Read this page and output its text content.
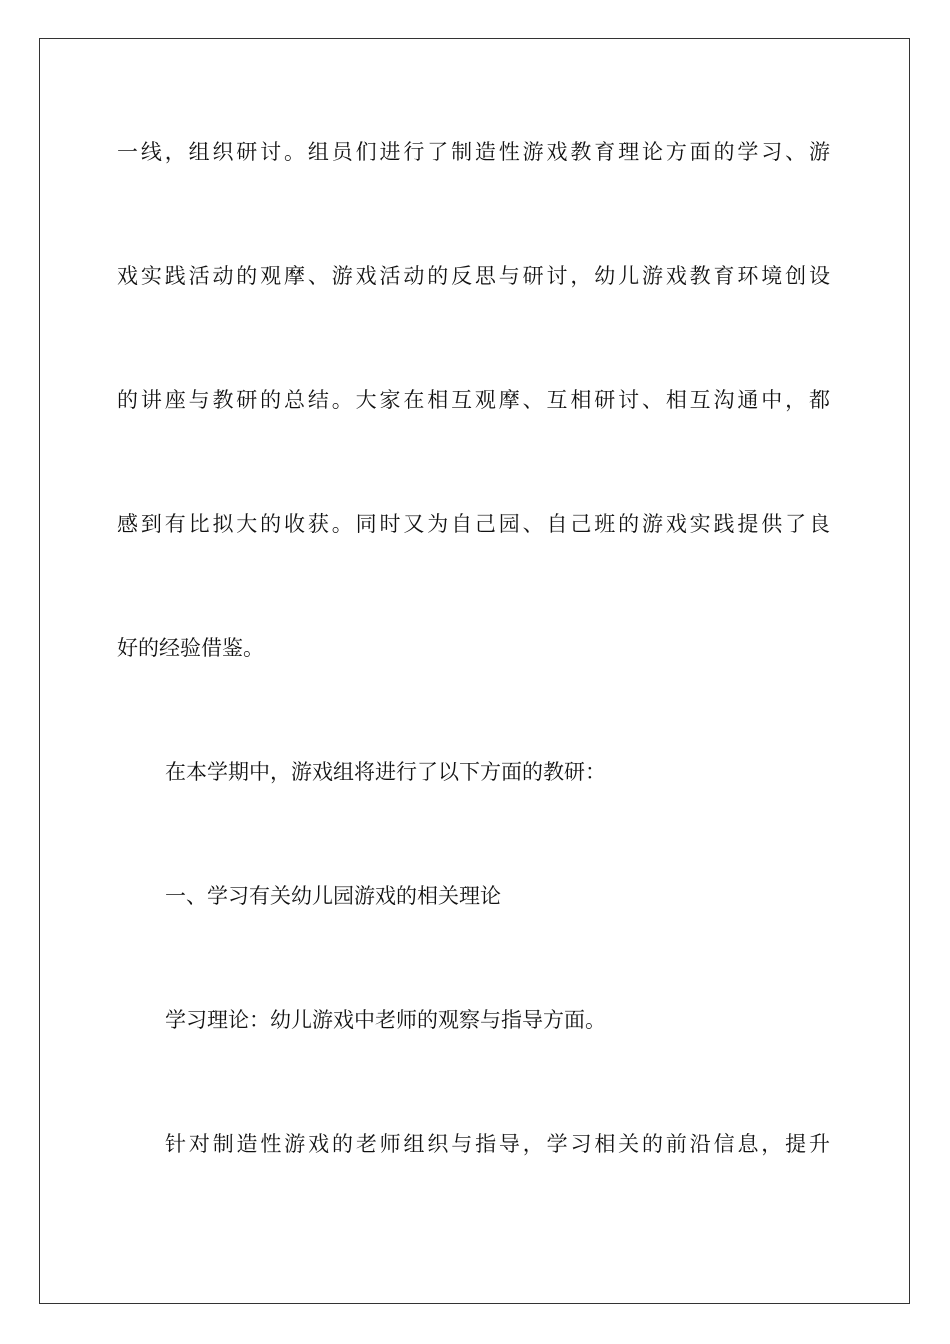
一线，组织研讨。组员们进行了制造性游戏教育理论方面的学习、游
戏实践活动的观摩、游戏活动的反思与研讨，幼儿游戏教育环境创设
的讲座与教研的总结。大家在相互观摩、互相研讨、相互沟通中，都
感到有比拟大的收获。同时又为自己园、自己班的游戏实践提供了良
好的经验借鉴。
在本学期中，游戏组将进行了以下方面的教研：
一、学习有关幼儿园游戏的相关理论
学习理论：幼儿游戏中老师的观察与指导方面。
针对制造性游戏的老师组织与指导，学习相关的前沿信息，提升
